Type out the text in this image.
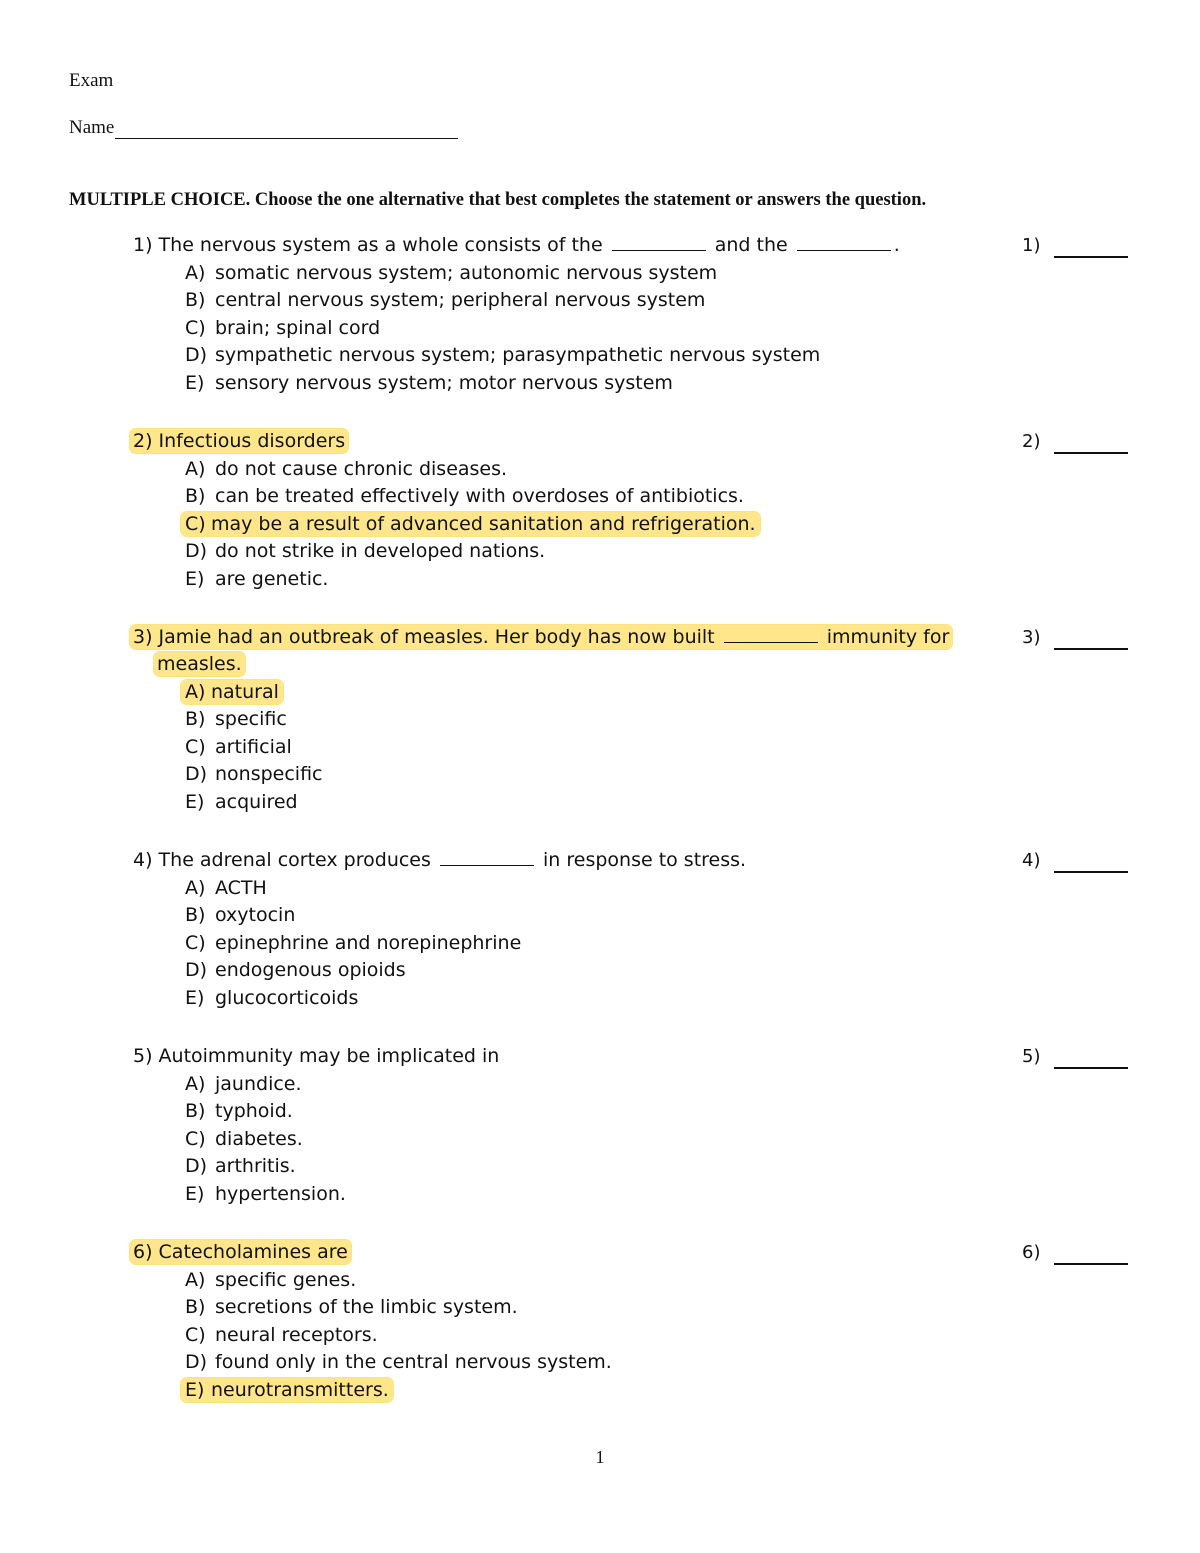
Exam
Name
MULTIPLE CHOICE. Choose the one alternative that best completes the statement or answers the question.
1) The nervous system as a whole consists of the	and the	.	1)
A) somatic nervous system; autonomic nervous system
B) central nervous system; peripheral nervous system
C) brain; spinal cord
D) sympathetic nervous system; parasympathetic nervous system
E) sensory nervous system; motor nervous system
2) Infectious disorders	2)
A) do not cause chronic diseases.
B) can be treated effectively with overdoses of antibiotics.
C) may be a result of advanced sanitation and refrigeration.
D) do not strike in developed nations.
E) are genetic.
3) Jamie had an outbreak of measles. Her body has now built	immunity for
measles.
3)
A) natural
B) specific
C) artificial
D) nonspecific
E) acquired
4) The adrenal cortex produces	in response to stress.	4)
A) ACTH
B) oxytocin
C) epinephrine and norepinephrine
D) endogenous opioids
E) glucocorticoids
5) Autoimmunity may be implicated in	5)
A) jaundice.
B) typhoid.
C) diabetes.
D) arthritis.
E) hypertension.
6) Catecholamines are	6)
A) specific genes.
B) secretions of the limbic system.
C) neural receptors.
D) found only in the central nervous system.
E) neurotransmitters.
1
